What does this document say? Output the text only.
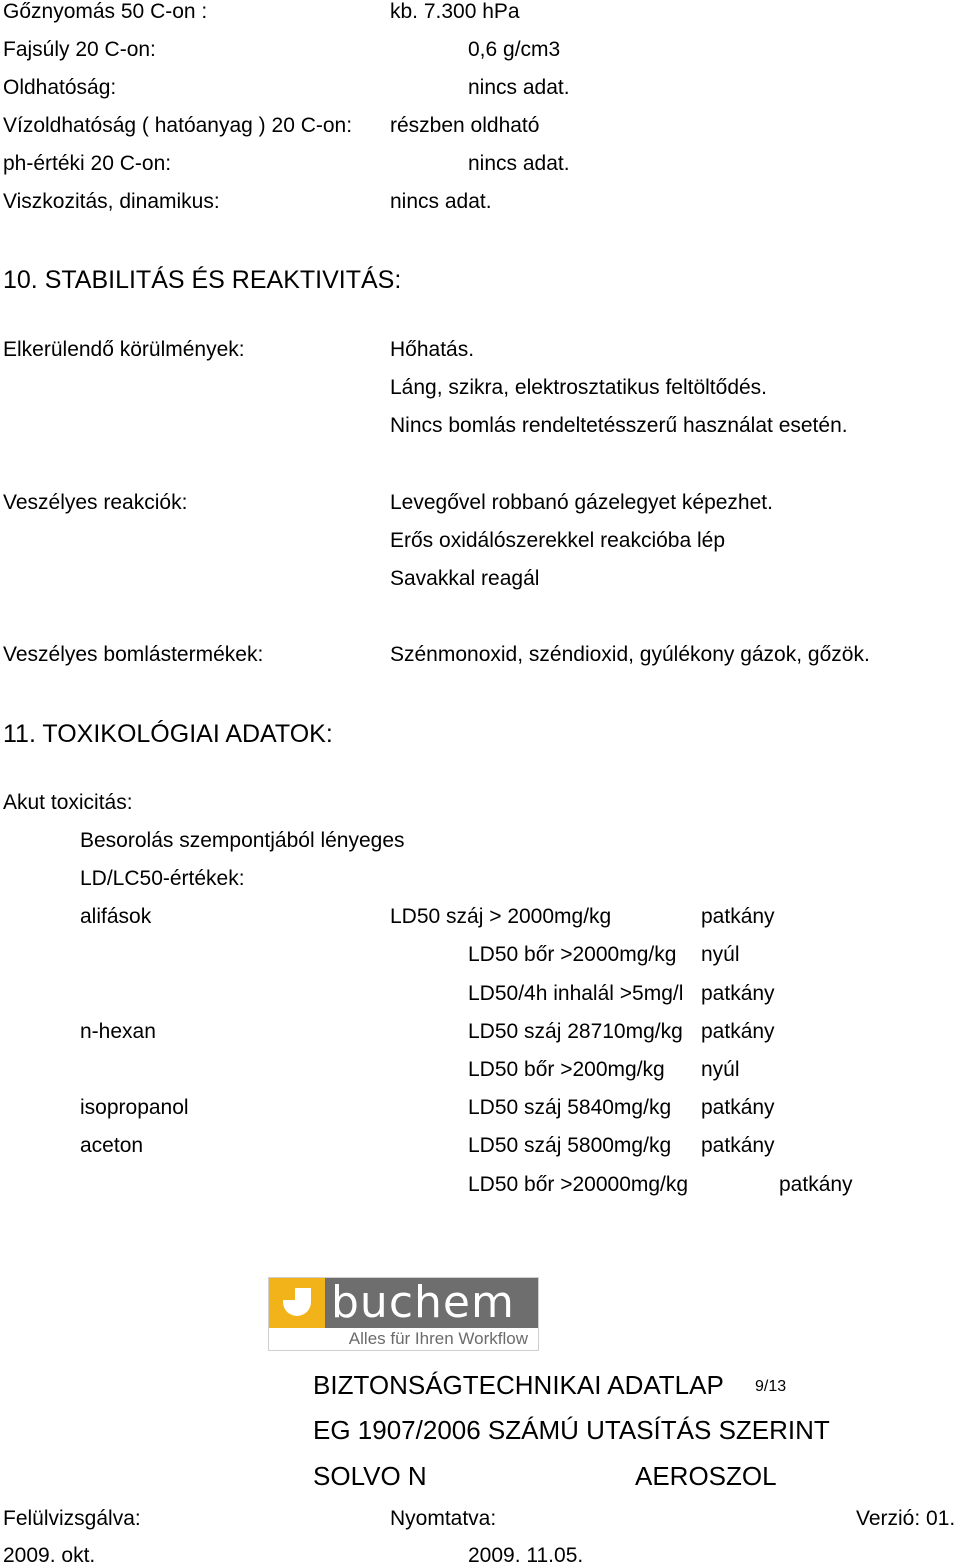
Gőznyomás 50 C-on :	kb. 7.300 hPa
Fajsúly 20 C-on:	0,6 g/cm3
Oldhatóság:	nincs adat.
Vízoldhatóság ( hatóanyag ) 20 C-on: részben oldható
ph-értéki 20 C-on:	nincs adat.
Viszkozitás, dinamikus:	nincs adat.
10. STABILITÁS ÉS REAKTIVITÁS:
Elkerülendő körülmények:	Hőhatás.
Láng, szikra, elektrosztatikus feltöltődés.
Nincs bomlás rendeltetésszerű használat esetén.
Veszélyes reakciók:	Levegővel robbanó gázelegyet képezhet.
Erős oxidálószerekkel reakcióba lép
Savakkal reagál
Veszélyes bomlástermékek:	Szénmonoxid, széndioxid, gyúlékony gázok, gőzök.
11. TOXIKOLÓGIAI ADATOK:
Akut toxicitás:
Besorolás szempontjából lényeges
LD/LC50-értékek:
alifások	LD50 száj > 2000mg/kg	patkány
LD50 bőr >2000mg/kg nyúl
LD50/4h inhalál >5mg/l patkány
n-hexan	LD50 száj 28710mg/kg patkány
LD50 bőr >200mg/kg nyúl
isopropanol	LD50 száj 5840mg/kg patkány
aceton	LD50 száj 5800mg/kg patkány
LD50 bőr >20000mg/kg	patkány
buchem
Alles für Ihren Workflow
BIZTONSÁGTECHNIKAI ADATLAP 9/13
EG 1907/2006 SZÁMÚ UTASÍTÁS SZERINT
SOLVO N	AEROSZOL
Felülvizsgálva:	Nyomtatva:	Verzió: 01.
2009. okt.	2009. 11.05.
